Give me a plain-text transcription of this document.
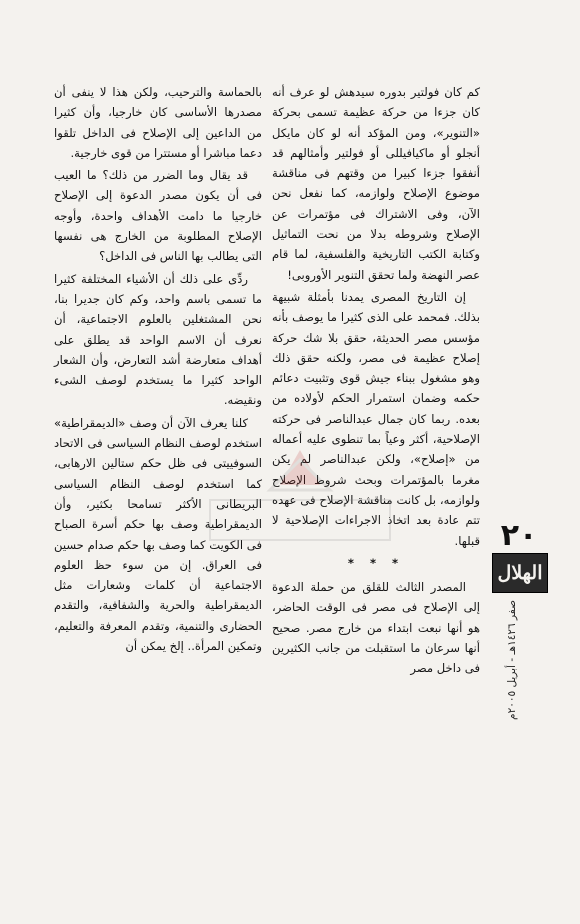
كم كان فولتير بدوره سيدهش لو عرف أنه كان جزءا من حركة عظيمة تسمى بحركة «التنوير»، ومن المؤكد أنه لو كان مايكل أنجلو أو ماكيافيللى أو فولتير وأمثالهم قد أنفقوا جزءا كبيرا من وقتهم فى مناقشة موضوع الإصلاح ولوازمه، كما نفعل نحن الآن، وفى الاشتراك فى مؤتمرات عن الإصلاح وشروطه بدلا من نحت التماثيل وكتابة الكتب التاريخية والفلسفية، لما قام عصر النهضة ولما تحقق التنوير الأوروبى!

إن التاريخ المصرى يمدنا بأمثلة شبيهة بذلك. فمحمد على الذى كثيرا ما يوصف بأنه مؤسس مصر الحديثة، حقق بلا شك حركة إصلاح عظيمة فى مصر، ولكنه حقق ذلك وهو مشغول ببناء جيش قوى وتثبيت دعائم حكمه وضمان استمرار الحكم لأولاده من بعده. ربما كان جمال عبدالناصر فى حركته الإصلاحية، أكثر وعياً بما تنطوى عليه أعماله من «إصلاح»، ولكن عبدالناصر لم يكن مغرما بالمؤتمرات وبحث شروط الإصلاح ولوازمه، بل كانت مناقشة الإصلاح فى عهده تتم عادة بعد اتخاذ الاجراءات الإصلاحية لا قبلها.

* * *

المصدر الثالث للقلق من حملة الدعوة إلى الإصلاح فى مصر فى الوقت الحاضر، هو أنها نبعت ابتداء من خارج مصر. صحيح أنها سرعان ما استقبلت من جانب الكثيرين فى داخل مصر

بالحماسة والترحيب، ولكن هذا لا ينفى أن مصدرها الأساسى كان خارجيا، وأن كثيرا من الداعين إلى الإصلاح فى الداخل تلقوا دعما مباشرا أو مستترا من قوى خارجية.

قد يقال وما الضرر من ذلك؟ ما العيب فى أن يكون مصدر الدعوة إلى الإصلاح خارجيا ما دامت الأهداف واحدة، وأوجه الإصلاح المطلوبة من الخارج هى نفسها التى يطالب بها الناس فى الداخل؟

ردِّى على ذلك أن الأشياء المختلفة كثيرا ما تسمى باسم واحد، وكم كان جديرا بنا، نحن المشتغلين بالعلوم الاجتماعية، أن نعرف أن الاسم الواحد قد يطلق على أهداف متعارضة أشد التعارض، وأن الشعار الواحد كثيرا ما يستخدم لوصف الشىء ونقيضه.

كلنا يعرف الآن أن وصف «الديمقراطية» استخدم لوصف النظام السياسى فى الاتحاد السوفييتى فى ظل حكم ستالين الارهابى، كما استخدم لوصف النظام السياسى البريطانى الأكثر تسامحا بكثير، وأن الديمقراطية وصف بها حكم أسرة الصباح فى الكويت كما وصف بها حكم صدام حسين فى العراق. إن من سوء حظ العلوم الاجتماعية أن كلمات وشعارات مثل الديمقراطية والحرية والشفافية، والتقدم الحضارى والتنمية، وتقدم المعرفة والتعليم، وتمكين المرأة.. إلخ يمكن أن

٢٠
الهلال
صفر ١٤٢٦هـ - أبريل ٢٠٠٥م
